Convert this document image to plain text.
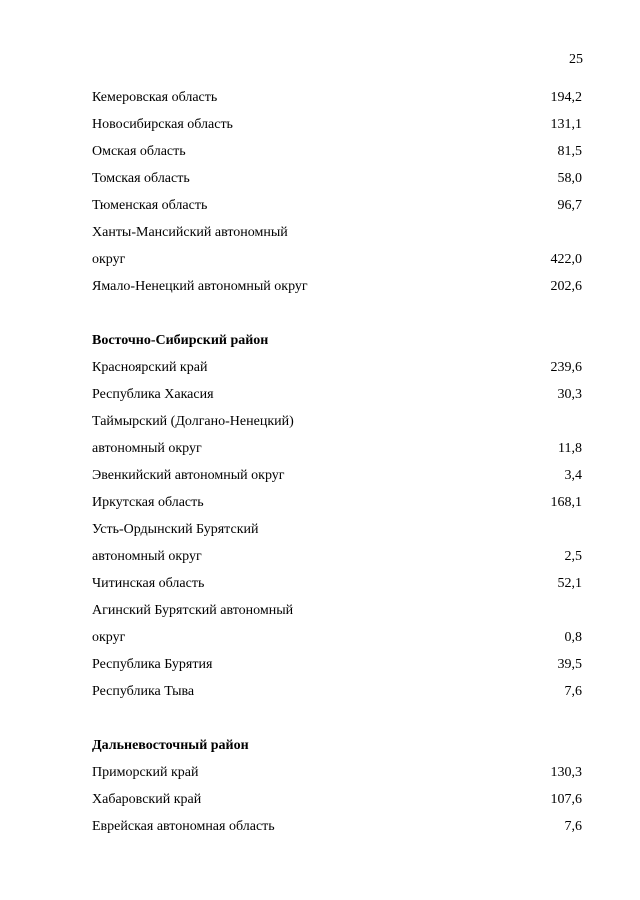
25
Кемеровская область	194,2
Новосибирская область	131,1
Омская область	81,5
Томская область	58,0
Тюменская область	96,7
Ханты-Мансийский автономный
округ	422,0
Ямало-Ненецкий автономный округ	202,6
Восточно-Сибирский район
Красноярский край	239,6
Республика Хакасия	30,3
Таймырский (Долгано-Ненецкий)
автономный округ	11,8
Эвенкийский автономный округ	3,4
Иркутская область	168,1
Усть-Ордынский Бурятский
автономный округ	2,5
Читинская область	52,1
Агинский Бурятский автономный
округ	0,8
Республика Бурятия	39,5
Республика Тыва	7,6
Дальневосточный район
Приморский край	130,3
Хабаровский край	107,6
Еврейская автономная область	7,6
